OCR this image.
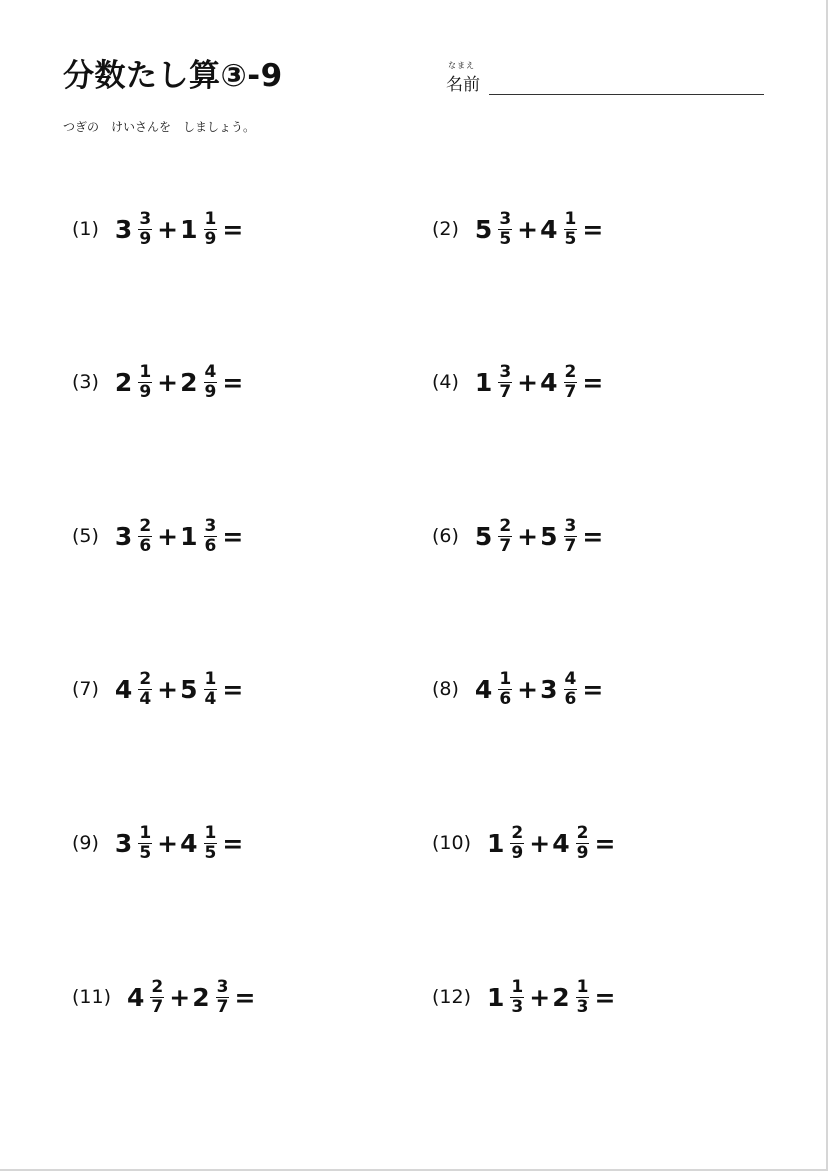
分数たし算③-9	なまえ
名前
つぎの　けいさんを　しましょう。
(1) $3 \frac{3}{9} + 1 \frac{1}{9}$ =	(2) $5 \frac{3}{5} + 4 \frac{1}{5}$ =
(3) $2 \frac{1}{9} + 2 \frac{4}{9}$ =	(4) $1 \frac{3}{7} + 4 \frac{2}{7}$ =
(5) $3 \frac{2}{6} + 1 \frac{3}{6}$ =	(6) $5 \frac{2}{7} + 5 \frac{3}{7}$ =
(7) $4 \frac{2}{4} + 5 \frac{1}{4}$ =	(8) $4 \frac{1}{6} + 3 \frac{4}{6}$ =
(9) $3 \frac{1}{5} + 4 \frac{1}{5}$ =	(10) $1 \frac{2}{9} + 4 \frac{2}{9}$ =
(11) $4 \frac{2}{7} + 2 \frac{3}{7}$ =	(12) $1 \frac{1}{3} + 2 \frac{1}{3}$ =
